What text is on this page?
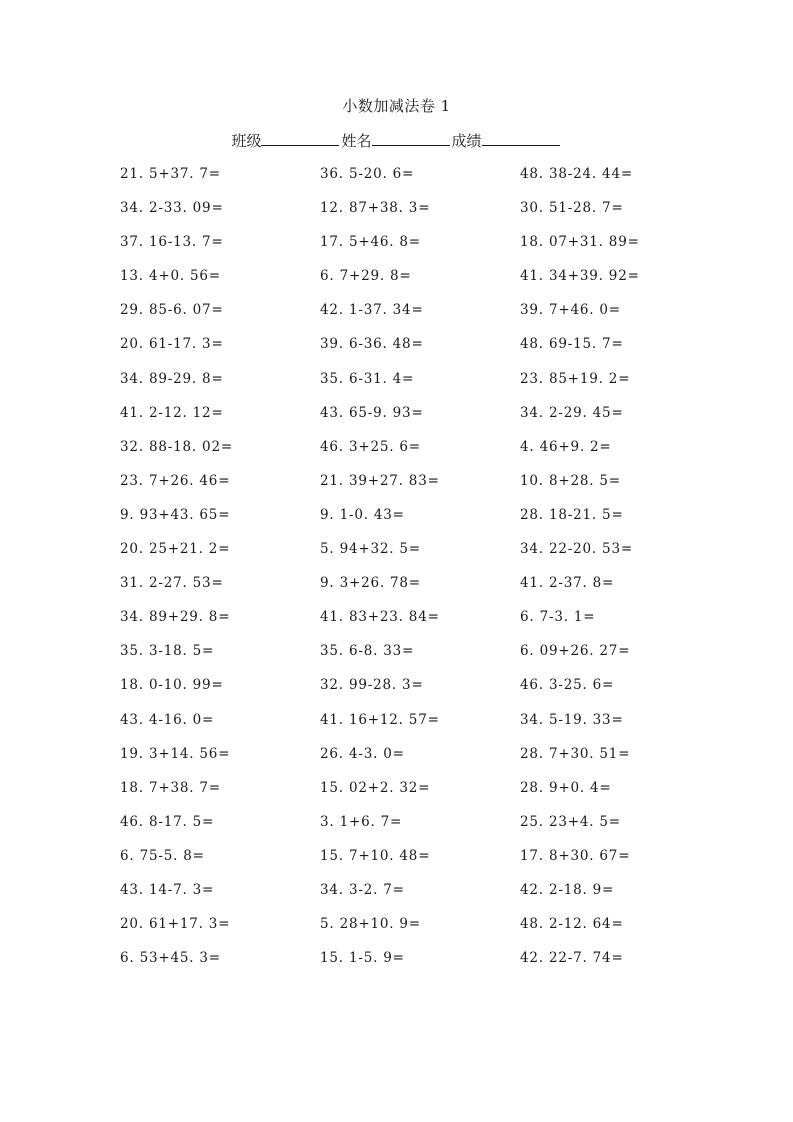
小数加减法卷 1
班级	姓名	成绩
21. 5+37. 7=	36. 5-20. 6=	48. 38-24. 44=
34. 2-33. 09=	12. 87+38. 3=	30. 51-28. 7=
37. 16-13. 7=	17. 5+46. 8=	18. 07+31. 89=
13. 4+0. 56=	6. 7+29. 8=	41. 34+39. 92=
29. 85-6. 07=	42. 1-37. 34=	39. 7+46. 0=
20. 61-17. 3=	39. 6-36. 48=	48. 69-15. 7=
34. 89-29. 8=	35. 6-31. 4=	23. 85+19. 2=
41. 2-12. 12=	43. 65-9. 93=	34. 2-29. 45=
32. 88-18. 02=	46. 3+25. 6=	4. 46+9. 2=
23. 7+26. 46=	21. 39+27. 83=	10. 8+28. 5=
9. 93+43. 65=	9. 1-0. 43=	28. 18-21. 5=
20. 25+21. 2=	5. 94+32. 5=	34. 22-20. 53=
31. 2-27. 53=	9. 3+26. 78=	41. 2-37. 8=
34. 89+29. 8=	41. 83+23. 84=	6. 7-3. 1=
35. 3-18. 5=	35. 6-8. 33=	6. 09+26. 27=
18. 0-10. 99=	32. 99-28. 3=	46. 3-25. 6=
43. 4-16. 0=	41. 16+12. 57=	34. 5-19. 33=
19. 3+14. 56=	26. 4-3. 0=	28. 7+30. 51=
18. 7+38. 7=	15. 02+2. 32=	28. 9+0. 4=
46. 8-17. 5=	3. 1+6. 7=	25. 23+4. 5=
6. 75-5. 8=	15. 7+10. 48=	17. 8+30. 67=
43. 14-7. 3=	34. 3-2. 7=	42. 2-18. 9=
20. 61+17. 3=	5. 28+10. 9=	48. 2-12. 64=
6. 53+45. 3=	15. 1-5. 9=	42. 22-7. 74=
